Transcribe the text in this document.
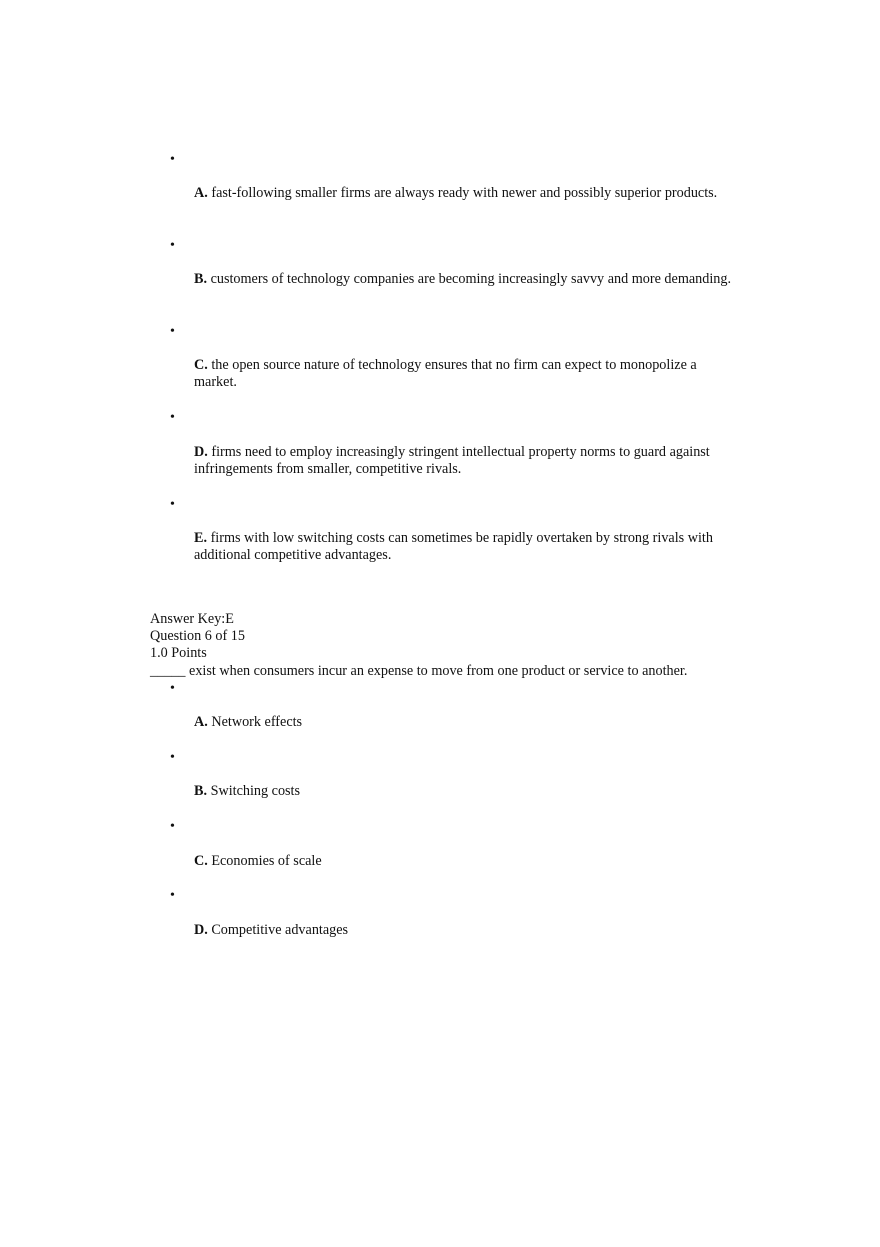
•

A. fast-following smaller firms are always ready with newer and possibly superior products.

•

B. customers of technology companies are becoming increasingly savvy and more demanding.

•

C. the open source nature of technology ensures that no firm can expect to monopolize a market.

•

D. firms need to employ increasingly stringent intellectual property norms to guard against infringements from smaller, competitive rivals.

•

E. firms with low switching costs can sometimes be rapidly overtaken by strong rivals with additional competitive advantages.

Answer Key:E

Question 6 of 15

1.0 Points

_____ exist when consumers incur an expense to move from one product or service to another.

•

A. Network effects

•

B. Switching costs

•

C. Economies of scale

•

D. Competitive advantages
